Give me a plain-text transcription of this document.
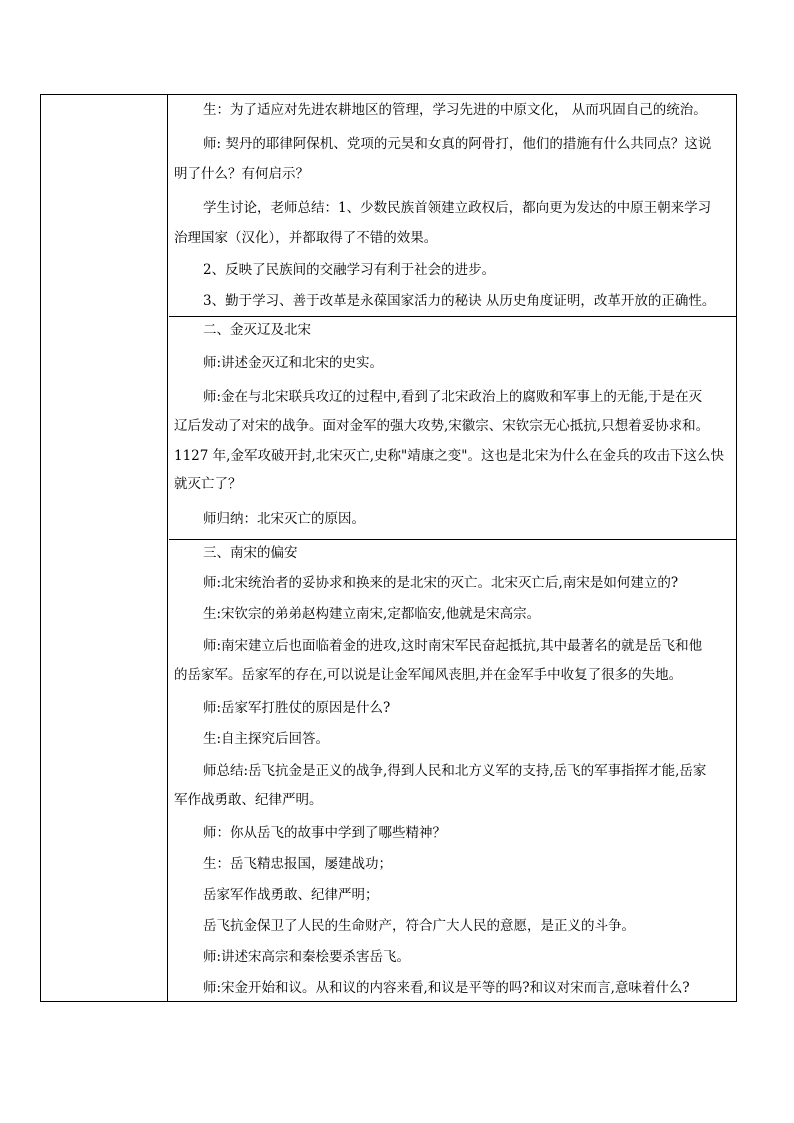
生：为了适应对先进农耕地区的管理，学习先进的中原文化， 从而巩固自己的统治。
师: 契丹的耶律阿保机、党项的元昊和女真的阿骨打，他们的措施有什么共同点？这说
明了什么？有何启示？
学生讨论，老师总结：1、少数民族首领建立政权后，都向更为发达的中原王朝来学习
治理国家（汉化），并都取得了不错的效果。
2、反映了民族间的交融学习有利于社会的进步。
3、勤于学习、善于改革是永葆国家活力的秘诀 从历史角度证明，改革开放的正确性。
二、金灭辽及北宋
师:讲述金灭辽和北宋的史实。
师:金在与北宋联兵攻辽的过程中,看到了北宋政治上的腐败和军事上的无能,于是在灭
辽后发动了对宋的战争。面对金军的强大攻势,宋徽宗、宋钦宗无心抵抗,只想着妥协求和。
1127 年,金军攻破开封,北宋灭亡,史称"靖康之变"。这也是北宋为什么在金兵的攻击下这么快
就灭亡了？
师归纳：北宋灭亡的原因。
三、南宋的偏安
师:北宋统治者的妥协求和换来的是北宋的灭亡。北宋灭亡后,南宋是如何建立的?
生:宋钦宗的弟弟赵构建立南宋,定都临安,他就是宋高宗。
师:南宋建立后也面临着金的进攻,这时南宋军民奋起抵抗,其中最著名的就是岳飞和他
的岳家军。岳家军的存在,可以说是让金军闻风丧胆,并在金军手中收复了很多的失地。
师:岳家军打胜仗的原因是什么?
生:自主探究后回答。
师总结:岳飞抗金是正义的战争,得到人民和北方义军的支持,岳飞的军事指挥才能,岳家
军作战勇敢、纪律严明。
师：你从岳飞的故事中学到了哪些精神？
生：岳飞精忠报国，屡建战功；
岳家军作战勇敢、纪律严明；
岳飞抗金保卫了人民的生命财产，符合广大人民的意愿，是正义的斗争。
师:讲述宋高宗和秦桧要杀害岳飞。
师:宋金开始和议。从和议的内容来看,和议是平等的吗?和议对宋而言,意味着什么?
